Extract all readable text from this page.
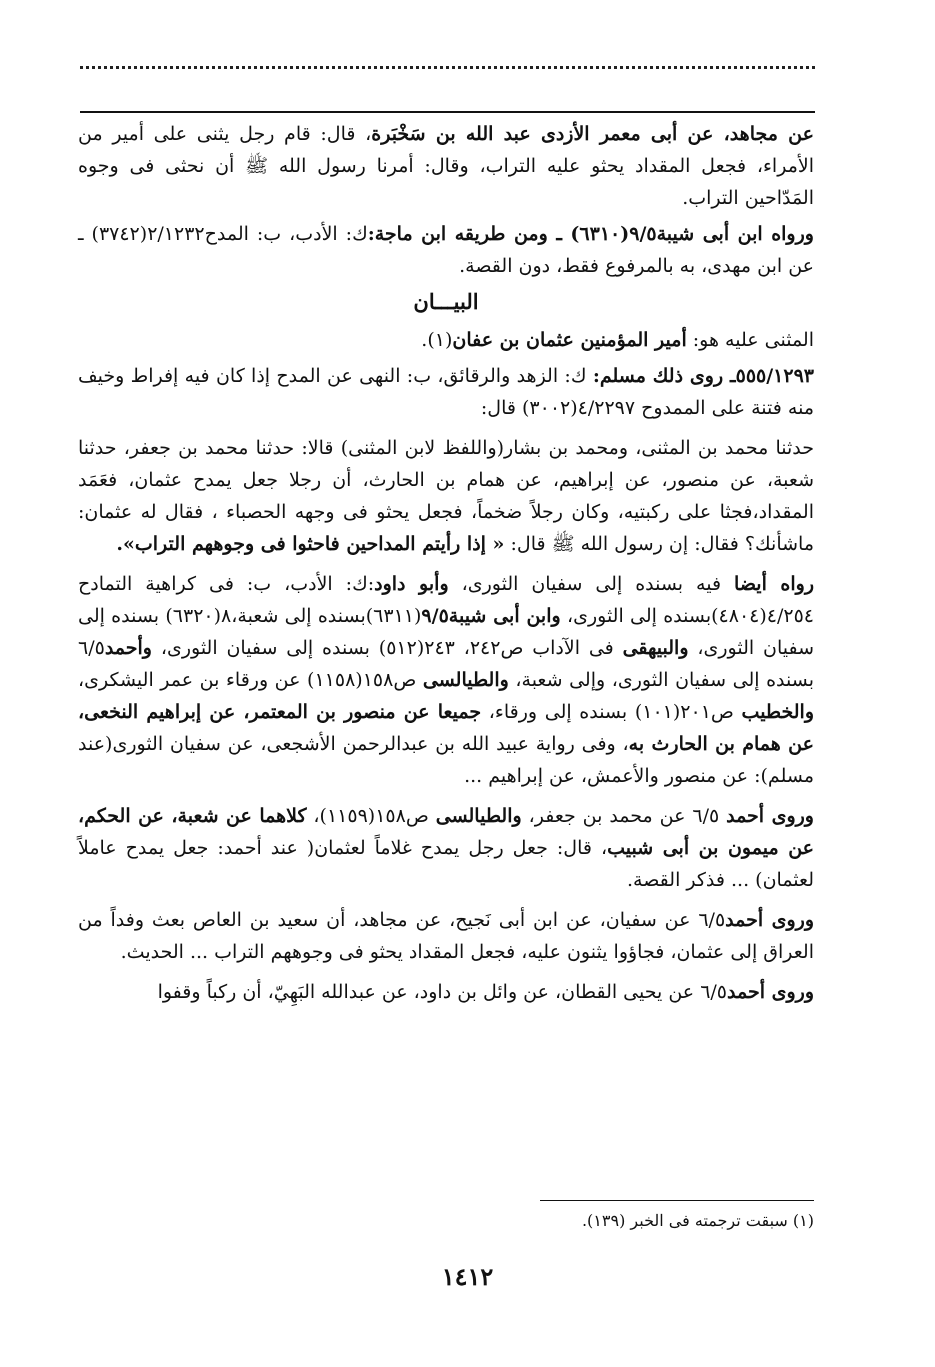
عن مجاهد، عن أبى معمر الأزدى عبد الله بن سَخْبَرة، قال: قام رجل يثنى على أمير من الأمراء، فجعل المقداد يحثو عليه التراب، وقال: أمرنا رسول الله ﷺ أن نحثى فى وجوه المَدّاحين التراب.

ورواه ابن أبى شيبة٩/٥(٦٣١٠) ـ ومن طريقه ابن ماجة:ك: الأدب، ب: المدح٢/١٢٣٢(٣٧٤٢) ـ عن ابن مهدى، به بالمرفوع فقط، دون القصة.

البيـــان

المثنى عليه هو: أمير المؤمنين عثمان بن عفان(١).

٥٥٥/١٢٩٣ـ روى ذلك مسلم: ك: الزهد والرقائق، ب: النهى عن المدح إذا كان فيه إفراط وخيف منه فتنة على الممدوح ٤/٢٢٩٧(٣٠٠٢) قال:

حدثنا محمد بن المثنى، ومحمد بن بشار(واللفظ لابن المثنى) قالا: حدثنا محمد بن جعفر، حدثنا شعبة، عن منصور، عن إبراهيم، عن همام بن الحارث، أن رجلا جعل يمدح عثمان، فعَمَد المقداد،فجثا على ركبتيه، وكان رجلاً ضخماً، فجعل يحثو فى وجهه الحصباء ، فقال له عثمان: ماشأنك؟ فقال: إن رسول الله ﷺ قال: « إذا رأيتم المداحين فاحثوا فى وجوههم التراب».

رواه أيضا فيه بسنده إلى سفيان الثورى، وأبو داود:ك: الأدب، ب: فى كراهية التمادح ٤/٢٥٤(٤٨٠٤)بسنده إلى الثورى، وابن أبى شيبة٩/٥(٦٣١١)بسنده إلى شعبة،٨(٦٣٢٠) بسنده إلى سفيان الثورى، والبيهقى فى الآداب ص٢٤٢، ٢٤٣(٥١٢) بسنده إلى سفيان الثورى، وأحمد٦/٥ بسنده إلى سفيان الثورى، وإلى شعبة، والطيالسى ص١٥٨(١١٥٨) عن ورقاء بن عمر اليشكرى، والخطيب ص٢٠١(١٠١) بسنده إلى ورقاء، جميعا عن منصور بن المعتمر، عن إبراهيم النخعى، عن همام بن الحارث به، وفى رواية عبيد الله بن عبدالرحمن الأشجعى، عن سفيان الثورى(عند مسلم): عن منصور والأعمش، عن إبراهيم ...

وروى أحمد ٦/٥ عن محمد بن جعفر، والطيالسى ص١٥٨(١١٥٩)، كلاهما عن شعبة، عن الحكم، عن ميمون بن أبى شبيب، قال: جعل رجل يمدح غلاماً لعثمان( عند أحمد: جعل يمدح عاملاً لعثمان) ... فذكر القصة.

وروى أحمد٦/٥ عن سفيان، عن ابن أبى نَجيح، عن مجاهد، أن سعيد بن العاص بعث وفداً من العراق إلى عثمان، فجاؤوا يثنون عليه، فجعل المقداد يحثو فى وجوههم التراب ... الحديث.

وروى أحمد٦/٥ عن يحيى القطان، عن وائل بن داود، عن عبدالله البَهِيّ، أن ركباً وقفوا

(١) سبقت ترجمته فى الخبر (١٣٩).
١٤١٢
